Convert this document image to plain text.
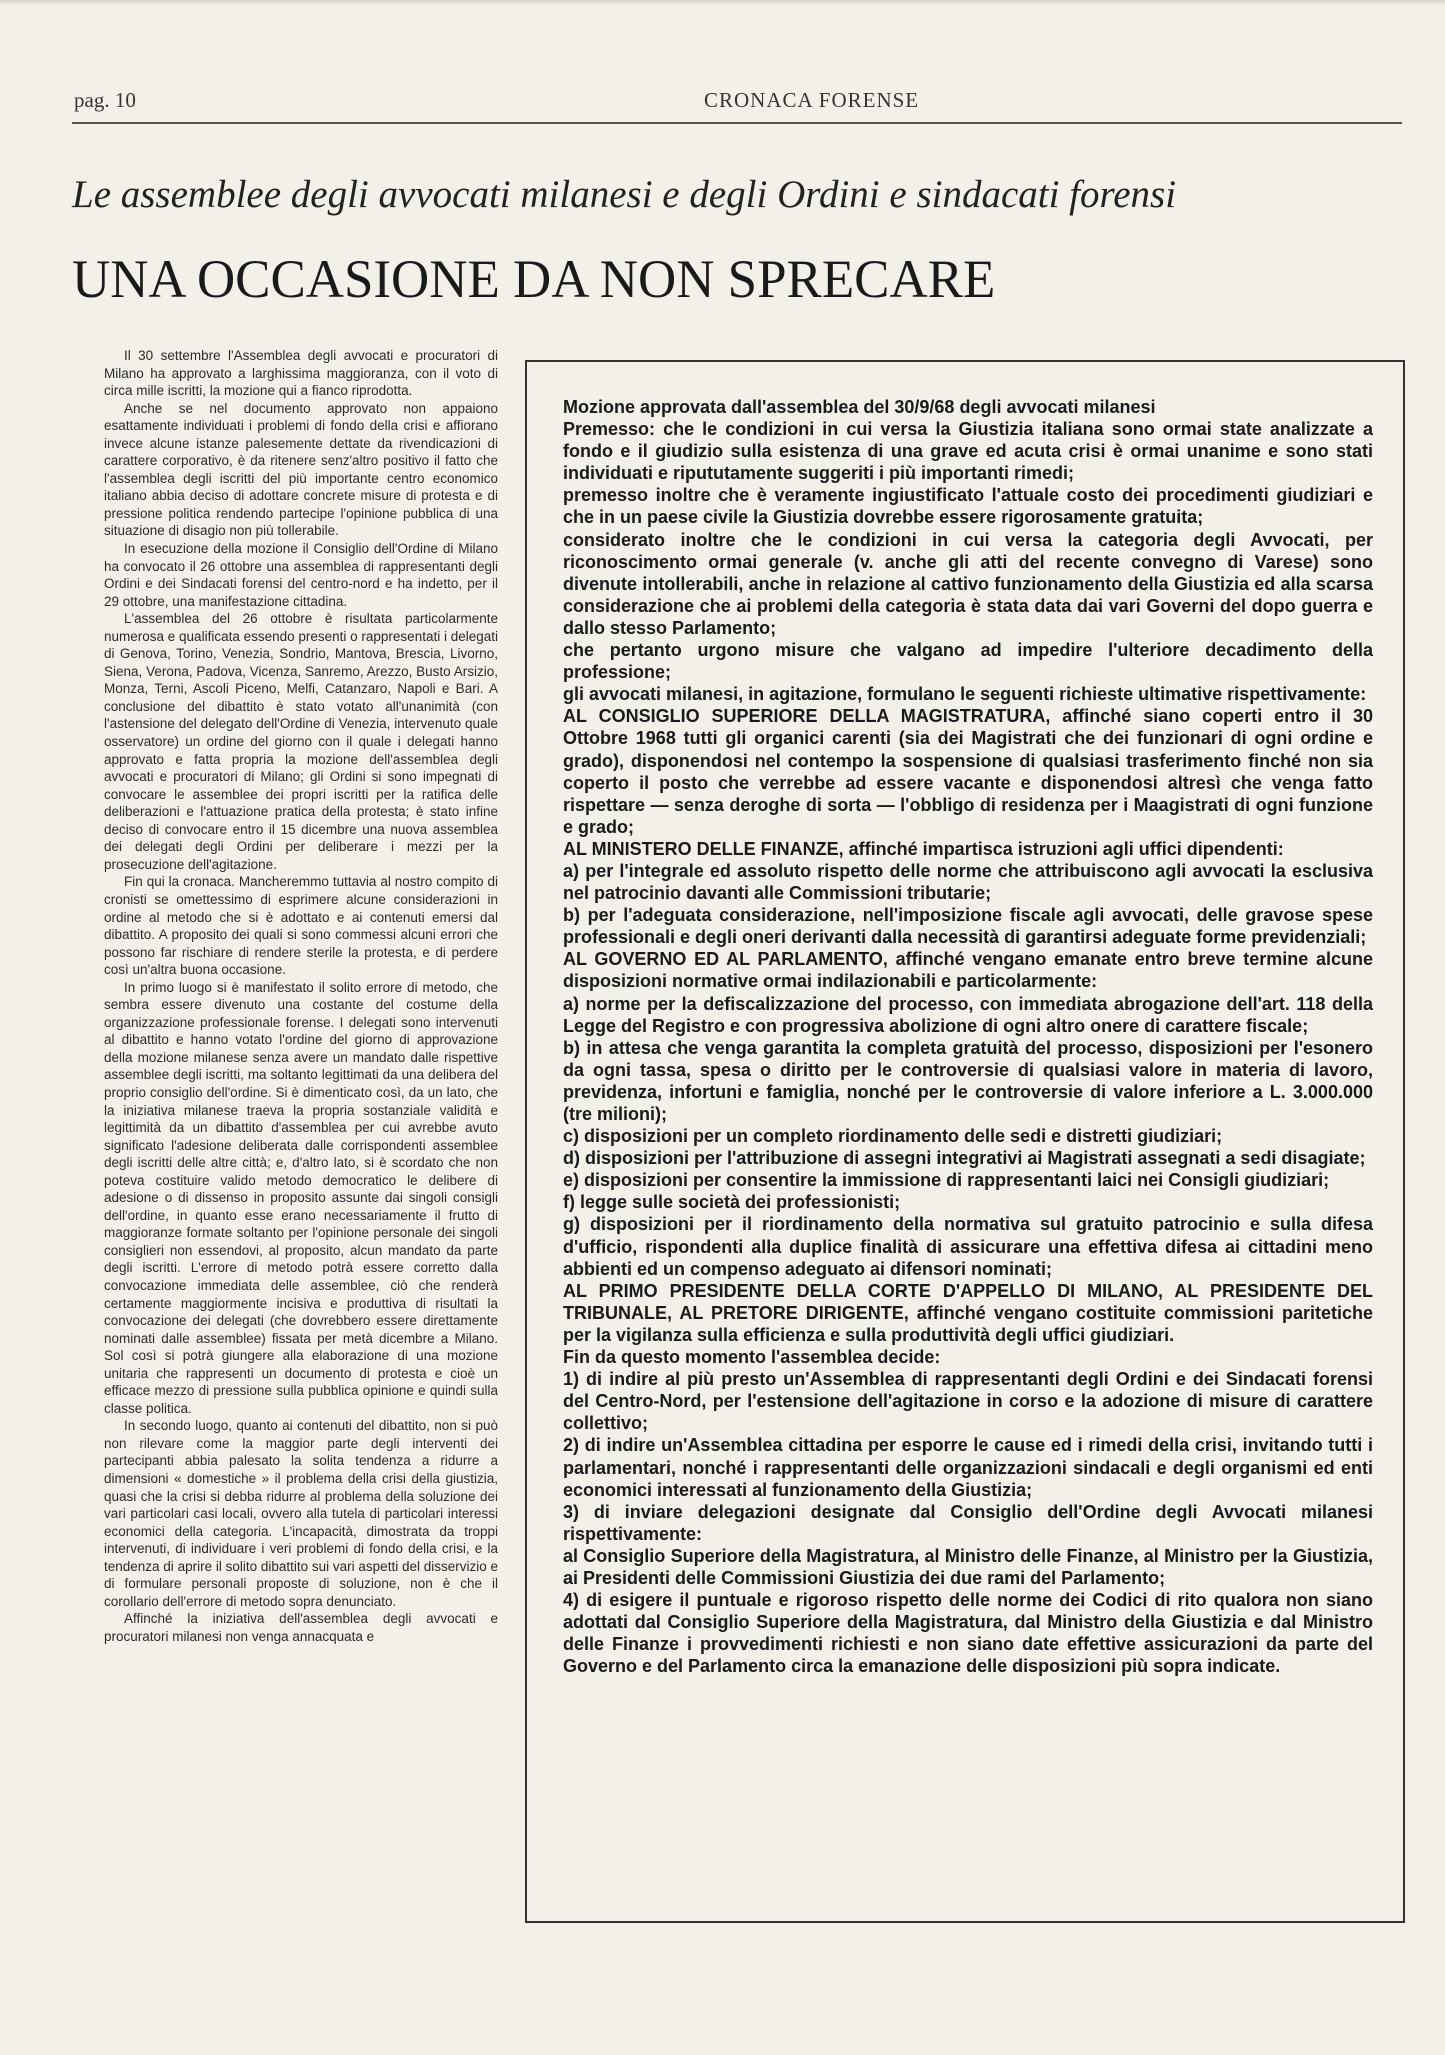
pag. 10	CRONACA FORENSE
Le assemblee degli avvocati milanesi e degli Ordini e sindacati forensi
UNA OCCASIONE DA NON SPRECARE

Il 30 settembre l'Assemblea degli avvocati e procuratori di Milano ha approvato a larghissima maggioranza, con il voto di circa mille iscritti, la mozione qui a fianco riprodotta.

Anche se nel documento approvato non appaiono esattamente individuati i problemi di fondo della crisi e affiorano invece alcune istanze palesemente dettate da rivendicazioni di carattere corporativo, è da ritenere senz'altro positivo il fatto che l'assemblea degli iscritti del più importante centro economico italiano abbia deciso di adottare concrete misure di protesta e di pressione politica rendendo partecipe l'opinione pubblica di una situazione di disagio non più tollerabile.

In esecuzione della mozione il Consiglio dell'Ordine di Milano ha convocato il 26 ottobre una assemblea di rappresentanti degli Ordini e dei Sindacati forensi del centro-nord e ha indetto, per il 29 ottobre, una manifestazione cittadina.

L'assemblea del 26 ottobre è risultata particolarmente numerosa e qualificata essendo presenti o rappresentati i delegati di Genova, Torino, Venezia, Sondrio, Mantova, Brescia, Livorno, Siena, Verona, Padova, Vicenza, Sanremo, Arezzo, Busto Arsizio, Monza, Terni, Ascoli Piceno, Melfi, Catanzaro, Napoli e Bari. A conclusione del dibattito è stato votato all'unanimità (con l'astensione del delegato dell'Ordine di Venezia, intervenuto quale osservatore) un ordine del giorno con il quale i delegati hanno approvato e fatta propria la mozione dell'assemblea degli avvocati e procuratori di Milano; gli Ordini si sono impegnati di convocare le assemblee dei propri iscritti per la ratifica delle deliberazioni e l'attuazione pratica della protesta; è stato infine deciso di convocare entro il 15 dicembre una nuova assemblea dei delegati degli Ordini per deliberare i mezzi per la prosecuzione dell'agitazione.

Fin qui la cronaca. Mancheremmo tuttavia al nostro compito di cronisti se omettessimo di esprimere alcune considerazioni in ordine al metodo che si è adottato e ai contenuti emersi dal dibattito. A proposito dei quali si sono commessi alcuni errori che possono far rischiare di rendere sterile la protesta, e di perdere così un'altra buona occasione.

In primo luogo si è manifestato il solito errore di metodo, che sembra essere divenuto una costante del costume della organizzazione professionale forense. I delegati sono intervenuti al dibattito e hanno votato l'ordine del giorno di approvazione della mozione milanese senza avere un mandato dalle rispettive assemblee degli iscritti, ma soltanto legittimati da una delibera del proprio consiglio dell'ordine. Si è dimenticato così, da un lato, che la iniziativa milanese traeva la propria sostanziale validità e legittimità da un dibattito d'assemblea per cui avrebbe avuto significato l'adesione deliberata dalle corrispondenti assemblee degli iscritti delle altre città; e, d'altro lato, si è scordato che non poteva costituire valido metodo democratico le delibere di adesione o di dissenso in proposito assunte dai singoli consigli dell'ordine, in quanto esse erano necessariamente il frutto di maggioranze formate soltanto per l'opinione personale dei singoli consiglieri non essendovi, al proposito, alcun mandato da parte degli iscritti. L'errore di metodo potrà essere corretto dalla convocazione immediata delle assemblee, ciò che renderà certamente maggiormente incisiva e produttiva di risultati la convocazione dei delegati (che dovrebbero essere direttamente nominati dalle assemblee) fissata per metà dicembre a Milano. Sol così si potrà giungere alla elaborazione di una mozione unitaria che rappresenti un documento di protesta e cioè un efficace mezzo di pressione sulla pubblica opinione e quindi sulla classe politica.

In secondo luogo, quanto ai contenuti del dibattito, non si può non rilevare come la maggior parte degli interventi dei partecipanti abbia palesato la solita tendenza a ridurre a dimensioni « domestiche » il problema della crisi della giustizia, quasi che la crisi si debba ridurre al problema della soluzione dei vari particolari casi locali, ovvero alla tutela di particolari interessi economici della categoria. L'incapacità, dimostrata da troppi intervenuti, di individuare i veri problemi di fondo della crisi, e la tendenza di aprire il solito dibattito sui vari aspetti del disservizio e di formulare personali proposte di soluzione, non è che il corollario dell'errore di metodo sopra denunciato.

Affinché la iniziativa dell'assemblea degli avvocati e procuratori milanesi non venga annacquata e

Mozione approvata dall'assemblea del 30/9/68 degli avvocati milanesi

Premesso: che le condizioni in cui versa la Giustizia italiana sono ormai state analizzate a fondo e il giudizio sulla esistenza di una grave ed acuta crisi è ormai unanime e sono stati individuati e ripututamente suggeriti i più importanti rimedi;

premesso inoltre che è veramente ingiustificato l'attuale costo dei procedimenti giudiziari e che in un paese civile la Giustizia dovrebbe essere rigorosamente gratuita;

considerato inoltre che le condizioni in cui versa la categoria degli Avvocati, per riconoscimento ormai generale (v. anche gli atti del recente convegno di Varese) sono divenute intollerabili, anche in relazione al cattivo funzionamento della Giustizia ed alla scarsa considerazione che ai problemi della categoria è stata data dai vari Governi del dopo guerra e dallo stesso Parlamento;

che pertanto urgono misure che valgano ad impedire l'ulteriore decadimento della professione;

gli avvocati milanesi, in agitazione, formulano le seguenti richieste ultimative rispettivamente:

AL CONSIGLIO SUPERIORE DELLA MAGISTRATURA, affinché siano coperti entro il 30 Ottobre 1968 tutti gli organici carenti (sia dei Magistrati che dei funzionari di ogni ordine e grado), disponendosi nel contempo la sospensione di qualsiasi trasferimento finché non sia coperto il posto che verrebbe ad essere vacante e disponendosi altresì che venga fatto rispettare — senza deroghe di sorta — l'obbligo di residenza per i Maagistrati di ogni funzione e grado;

AL MINISTERO DELLE FINANZE, affinché impartisca istruzioni agli uffici dipendenti:

a) per l'integrale ed assoluto rispetto delle norme che attribuiscono agli avvocati la esclusiva nel patrocinio davanti alle Commissioni tributarie;

b) per l'adeguata considerazione, nell'imposizione fiscale agli avvocati, delle gravose spese professionali e degli oneri derivanti dalla necessità di garantirsi adeguate forme previdenziali;

AL GOVERNO ED AL PARLAMENTO, affinché vengano emanate entro breve termine alcune disposizioni normative ormai indilazionabili e particolarmente:

a) norme per la defiscalizzazione del processo, con immediata abrogazione dell'art. 118 della Legge del Registro e con progressiva abolizione di ogni altro onere di carattere fiscale;

b) in attesa che venga garantita la completa gratuità del processo, disposizioni per l'esonero da ogni tassa, spesa o diritto per le controversie di qualsiasi valore in materia di lavoro, previdenza, infortuni e famiglia, nonché per le controversie di valore inferiore a L. 3.000.000 (tre milioni);

c) disposizioni per un completo riordinamento delle sedi e distretti giudiziari;

d) disposizioni per l'attribuzione di assegni integrativi ai Magistrati assegnati a sedi disagiate;

e) disposizioni per consentire la immissione di rappresentanti laici nei Consigli giudiziari;

f) legge sulle società dei professionisti;

g) disposizioni per il riordinamento della normativa sul gratuito patrocinio e sulla difesa d'ufficio, rispondenti alla duplice finalità di assicurare una effettiva difesa ai cittadini meno abbienti ed un compenso adeguato ai difensori nominati;

AL PRIMO PRESIDENTE DELLA CORTE D'APPELLO DI MILANO, AL PRESIDENTE DEL TRIBUNALE, AL PRETORE DIRIGENTE, affinché vengano costituite commissioni paritetiche per la vigilanza sulla efficienza e sulla produttività degli uffici giudiziari.

Fin da questo momento l'assemblea decide:

1) di indire al più presto un'Assemblea di rappresentanti degli Ordini e dei Sindacati forensi del Centro-Nord, per l'estensione dell'agitazione in corso e la adozione di misure di carattere collettivo;

2) di indire un'Assemblea cittadina per esporre le cause ed i rimedi della crisi, invitando tutti i parlamentari, nonché i rappresentanti delle organizzazioni sindacali e degli organismi ed enti economici interessati al funzionamento della Giustizia;

3) di inviare delegazioni designate dal Consiglio dell'Ordine degli Avvocati milanesi rispettivamente:

al Consiglio Superiore della Magistratura, al Ministro delle Finanze, al Ministro per la Giustizia, ai Presidenti delle Commissioni Giustizia dei due rami del Parlamento;

4) di esigere il puntuale e rigoroso rispetto delle norme dei Codici di rito qualora non siano adottati dal Consiglio Superiore della Magistratura, dal Ministro della Giustizia e dal Ministro delle Finanze i provvedimenti richiesti e non siano date effettive assicurazioni da parte del Governo e del Parlamento circa la emanazione delle disposizioni più sopra indicate.
